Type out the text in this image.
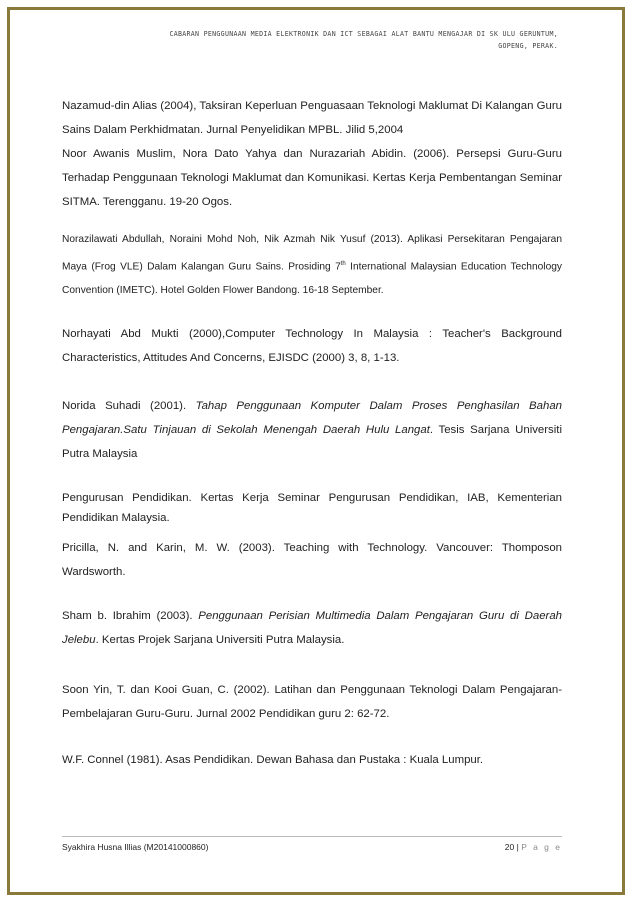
CABARAN PENGGUNAAN MEDIA ELEKTRONIK DAN ICT SEBAGAI ALAT BANTU MENGAJAR DI SK ULU GERUNTUM,
GOPENG, PERAK.
Nazamud-din Alias (2004), Taksiran Keperluan Penguasaan Teknologi Maklumat Di Kalangan Guru Sains Dalam Perkhidmatan. Jurnal Penyelidikan MPBL. Jilid 5,2004
Noor Awanis Muslim, Nora Dato Yahya dan Nurazariah Abidin. (2006). Persepsi Guru-Guru Terhadap Penggunaan Teknologi Maklumat dan Komunikasi. Kertas Kerja Pembentangan Seminar SITMA. Terengganu. 19-20 Ogos.
Norazilawati Abdullah, Noraini Mohd Noh, Nik Azmah Nik Yusuf (2013). Aplikasi Persekitaran Pengajaran Maya (Frog VLE) Dalam Kalangan Guru Sains. Prosiding 7th International Malaysian Education Technology Convention (IMETC). Hotel Golden Flower Bandong. 16-18 September.
Norhayati Abd Mukti (2000),Computer Technology In Malaysia : Teacher's Background Characteristics, Attitudes And Concerns, EJISDC (2000) 3, 8, 1-13.
Norida Suhadi (2001). Tahap Penggunaan Komputer Dalam Proses Penghasilan Bahan Pengajaran.Satu Tinjauan di Sekolah Menengah Daerah Hulu Langat. Tesis Sarjana Universiti Putra Malaysia
Pengurusan Pendidikan. Kertas Kerja Seminar Pengurusan Pendidikan, IAB, Kementerian Pendidikan Malaysia.
Pricilla, N. and Karin, M. W. (2003). Teaching with Technology. Vancouver: Thomposon Wardsworth.
Sham b. Ibrahim (2003). Penggunaan Perisian Multimedia Dalam Pengajaran Guru di Daerah Jelebu. Kertas Projek Sarjana Universiti Putra Malaysia.
Soon Yin, T. dan Kooi Guan, C. (2002). Latihan dan Penggunaan Teknologi Dalam Pengajaran-Pembelajaran Guru-Guru. Jurnal 2002 Pendidikan guru 2: 62-72.
W.F. Connel (1981). Asas Pendidikan. Dewan Bahasa dan Pustaka : Kuala Lumpur.
Syakhira Husna Illias (M20141000860)	20 | P a g e
